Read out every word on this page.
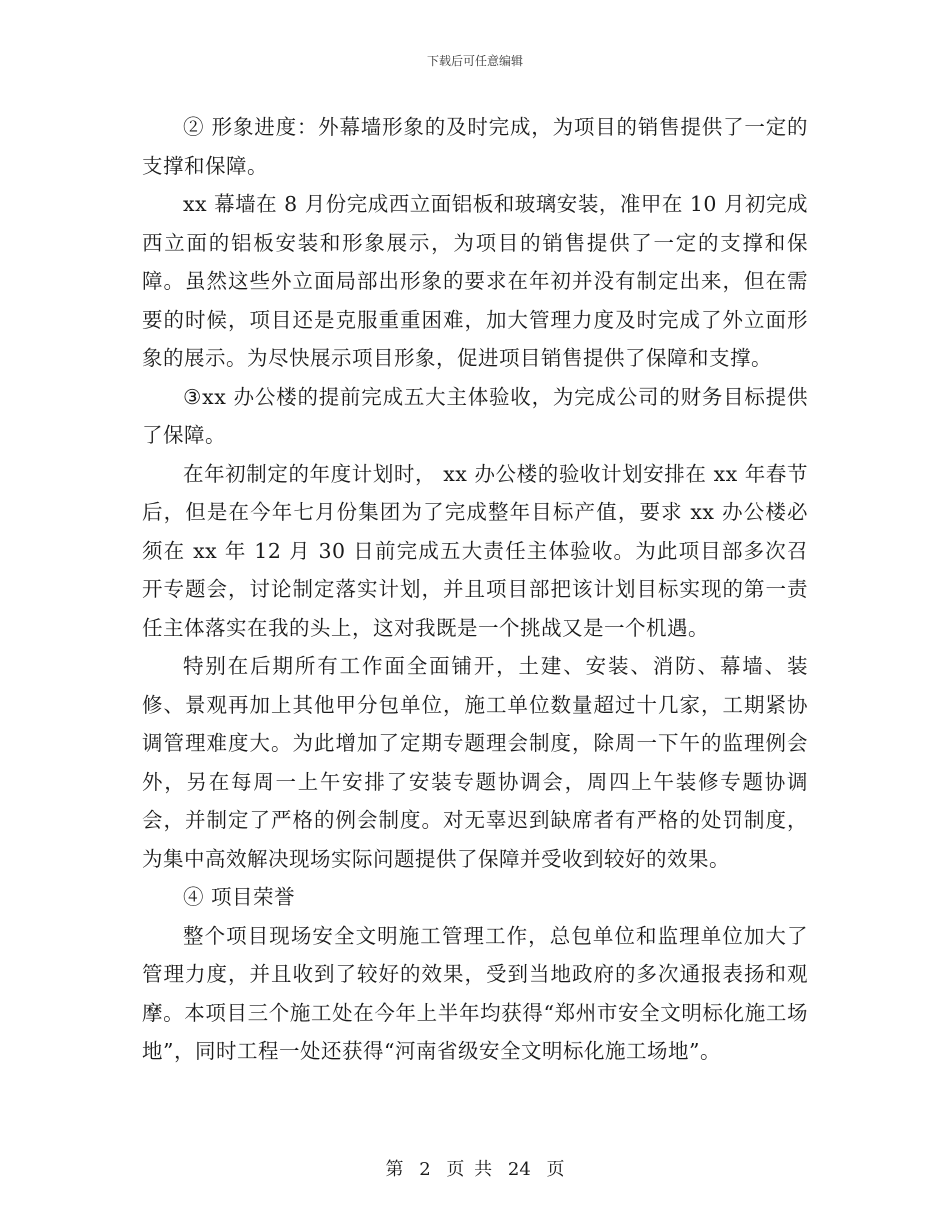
下载后可任意编辑

② 形象进度：外幕墙形象的及时完成，为项目的销售提供了一定的支撑和保障。

xx 幕墙在 8 月份完成西立面铝板和玻璃安装，准甲在 10 月初完成西立面的铝板安装和形象展示，为项目的销售提供了一定的支撑和保障。虽然这些外立面局部出形象的要求在年初并没有制定出来，但在需要的时候，项目还是克服重重困难，加大管理力度及时完成了外立面形象的展示。为尽快展示项目形象，促进项目销售提供了保障和支撑。

③xx 办公楼的提前完成五大主体验收，为完成公司的财务目标提供了保障。

在年初制定的年度计划时， xx 办公楼的验收计划安排在 xx 年春节后，但是在今年七月份集团为了完成整年目标产值，要求 xx 办公楼必须在 xx 年 12 月 30 日前完成五大责任主体验收。为此项目部多次召开专题会，讨论制定落实计划，并且项目部把该计划目标实现的第一责任主体落实在我的头上，这对我既是一个挑战又是一个机遇。

特别在后期所有工作面全面铺开，土建、安装、消防、幕墙、装修、景观再加上其他甲分包单位，施工单位数量超过十几家，工期紧协调管理难度大。为此增加了定期专题理会制度，除周一下午的监理例会外，另在每周一上午安排了安装专题协调会，周四上午装修专题协调会，并制定了严格的例会制度。对无辜迟到缺席者有严格的处罚制度，为集中高效解决现场实际问题提供了保障并受收到较好的效果。

④ 项目荣誉

整个项目现场安全文明施工管理工作，总包单位和监理单位加大了管理力度，并且收到了较好的效果，受到当地政府的多次通报表扬和观摩。本项目三个施工处在今年上半年均获得“郑州市安全文明标化施工场地”，同时工程一处还获得“河南省级安全文明标化施工场地”。

第 2 页 共 24 页
